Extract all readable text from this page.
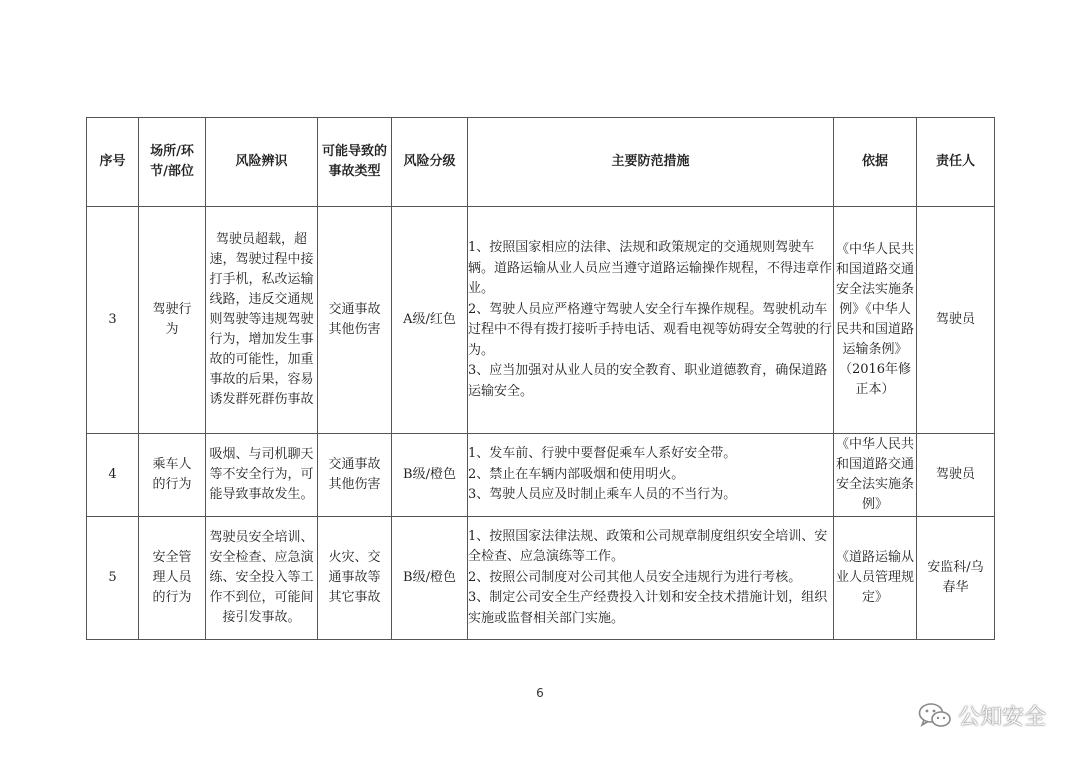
序号	场所/环节/部位	风险辨识	可能导致的事故类型	风险分级	主要防范措施	依据	责任人
3	驾驶行为	驾驶员超载，超速，驾驶过程中接打手机，私改运输线路，违反交通规则驾驶等违规驾驶行为，增加发生事故的可能性，加重事故的后果，容易诱发群死群伤事故	交通事故其他伤害	A级/红色	1、按照国家相应的法律、法规和政策规定的交通规则驾驶车辆。道路运输从业人员应当遵守道路运输操作规程，不得违章作业。

2、驾驶人员应严格遵守驾驶人安全行车操作规程。驾驶机动车过程中不得有拨打接听手持电话、观看电视等妨碍安全驾驶的行为。

3、应当加强对从业人员的安全教育、职业道德教育，确保道路运输安全。	《中华人民共和国道路交通安全法实施条例》《中华人民共和国道路运输条例》（2016年修正本）	驾驶员
4	乘车人的行为	吸烟、与司机聊天等不安全行为，可能导致事故发生。	交通事故其他伤害	B级/橙色	1、发车前、行驶中要督促乘车人系好安全带。

2、禁止在车辆内部吸烟和使用明火。

3、驾驶人员应及时制止乘车人员的不当行为。	《中华人民共和国道路交通安全法实施条例》	驾驶员
5	安全管理人员的行为	驾驶员安全培训、安全检查、应急演练、安全投入等工作不到位，可能间接引发事故。	火灾、交通事故等其它事故	B级/橙色	1、按照国家法律法规、政策和公司规章制度组织安全培训、安全检查、应急演练等工作。

2、按照公司制度对公司其他人员安全违规行为进行考核。

3、制定公司安全生产经费投入计划和安全技术措施计划，组织实施或监督相关部门实施。	《道路运输从业人员管理规定》	安监科/乌春华
6
公知安全
